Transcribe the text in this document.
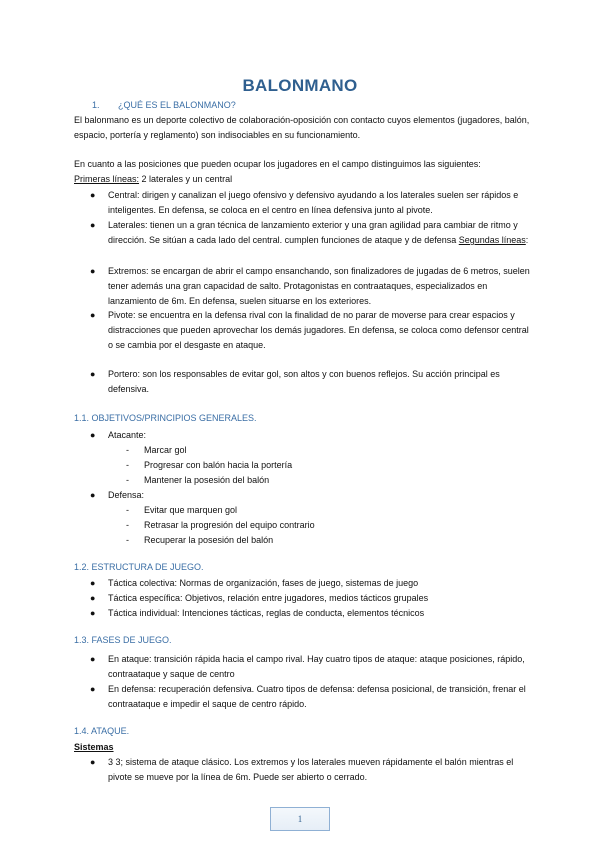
BALONMANO
1. ¿QUÉ ES EL BALONMANO?
El balonmano es un deporte colectivo de colaboración-oposición con contacto cuyos elementos (jugadores, balón, espacio, portería y reglamento) son indisociables en su funcionamiento.
En cuanto a las posiciones que pueden ocupar los jugadores en el campo distinguimos las siguientes:
Primeras líneas: 2 laterales y un central
● Central: dirigen y canalizan el juego ofensivo y defensivo ayudando a los laterales suelen ser rápidos e inteligentes. En defensa, se coloca en el centro en línea defensiva junto al pivote.
● Laterales: tienen un a gran técnica de lanzamiento exterior y una gran agilidad para cambiar de ritmo y dirección. Se sitúan a cada lado del central. cumplen funciones de ataque y de defensa Segundas líneas:
● Extremos: se encargan de abrir el campo ensanchando, son finalizadores de jugadas de 6 metros, suelen tener además una gran capacidad de salto. Protagonistas en contraataques, especializados en lanzamiento de 6m. En defensa, suelen situarse en los exteriores.
● Pivote: se encuentra en la defensa rival con la finalidad de no parar de moverse para crear espacios y distracciones que pueden aprovechar los demás jugadores. En defensa, se coloca como defensor central o se cambia por el desgaste en ataque.
● Portero: son los responsables de evitar gol, son altos y con buenos reflejos. Su acción principal es defensiva.
1.1. OBJETIVOS/PRINCIPIOS GENERALES.
● Atacante:
- Marcar gol
- Progresar con balón hacia la portería
- Mantener la posesión del balón
● Defensa:
- Evitar que marquen gol
- Retrasar la progresión del equipo contrario
- Recuperar la posesión del balón
1.2. ESTRUCTURA DE JUEGO.
● Táctica colectiva: Normas de organización, fases de juego, sistemas de juego
● Táctica específica: Objetivos, relación entre jugadores, medios tácticos grupales
● Táctica individual: Intenciones tácticas, reglas de conducta, elementos técnicos
1.3. FASES DE JUEGO.
● En ataque: transición rápida hacia el campo rival. Hay cuatro tipos de ataque: ataque posiciones, rápido, contraataque y saque de centro
● En defensa: recuperación defensiva. Cuatro tipos de defensa: defensa posicional, de transición, frenar el contraataque e impedir el saque de centro rápido.
1.4. ATAQUE.
Sistemas
● 3 3; sistema de ataque clásico. Los extremos y los laterales mueven rápidamente el balón mientras el pivote se mueve por la línea de 6m. Puede ser abierto o cerrado.
1
